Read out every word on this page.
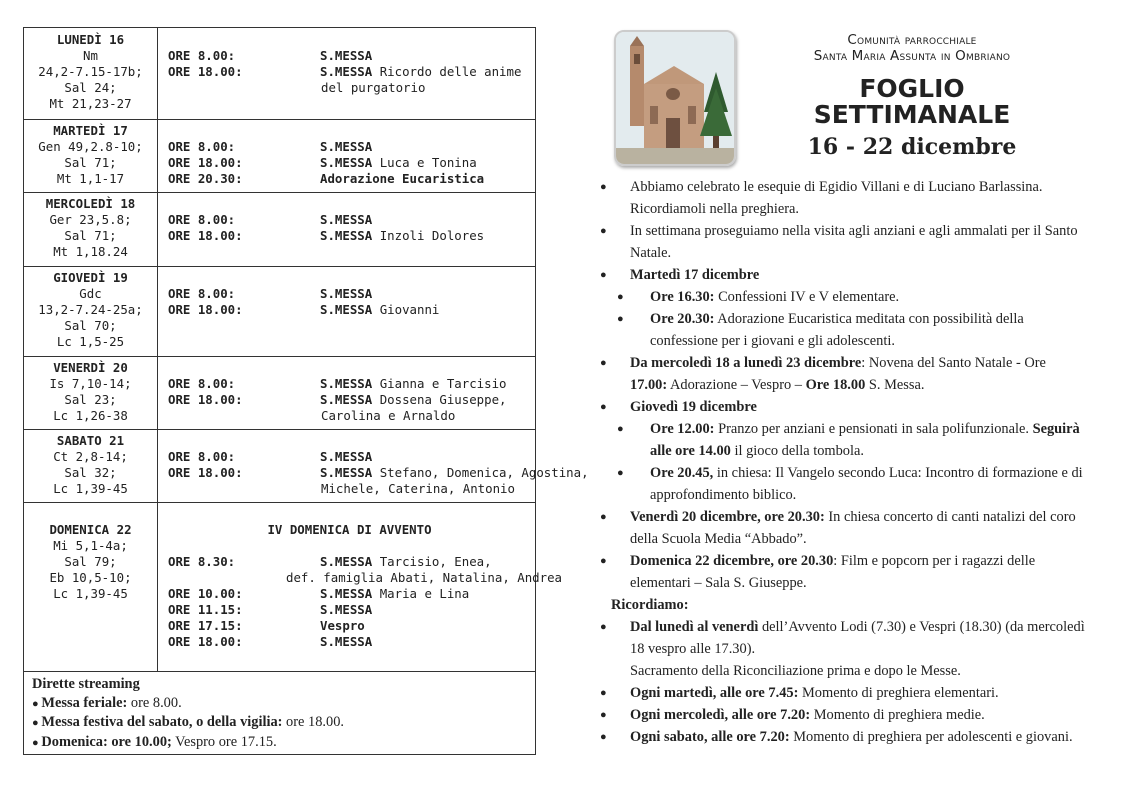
LUNEDÌ 16
Nm
24,2-7.15-17b;
Sal 24;
Mt 21,23-27
ORE 8.00:	S.MESSA
ORE 18.00:	S.MESSA Ricordo delle anime
del purgatorio
MARTEDÌ 17
Gen 49,2.8-10;
Sal 71;
Mt 1,1-17
ORE 8.00:	S.MESSA
ORE 18.00:	S.MESSA Luca e Tonina
ORE 20.30:	Adorazione Eucaristica
MERCOLEDÌ 18
Ger 23,5.8;
Sal 71;
Mt 1,18.24
ORE 8.00:	S.MESSA
ORE 18.00:	S.MESSA Inzoli Dolores
GIOVEDÌ 19
Gdc
13,2-7.24-25a;
Sal 70;
Lc 1,5-25
ORE 8.00:	S.MESSA
ORE 18.00:	S.MESSA Giovanni
VENERDÌ 20
Is 7,10-14;
Sal 23;
Lc 1,26-38
ORE 8.00:	S.MESSA Gianna e Tarcisio
ORE 18.00:	S.MESSA Dossena Giuseppe,
Carolina e Arnaldo
SABATO 21
Ct 2,8-14;
Sal 32;
Lc 1,39-45
ORE 8.00:	S.MESSA
ORE 18.00:	S.MESSA Stefano, Domenica, Agostina,
Michele, Caterina, Antonio
DOMENICA 22
Mi 5,1-4a;
Sal 79;
Eb 10,5-10;
Lc 1,39-45
IV DOMENICA DI AVVENTO
ORE 8.30:	S.MESSA Tarcisio, Enea,
def. famiglia Abati, Natalina, Andrea
ORE 10.00:	S.MESSA Maria e Lina
ORE 11.15:	S.MESSA
ORE 17.15:	Vespro
ORE 18.00:	S.MESSA
Dirette streaming
● Messa feriale: ore 8.00.
● Messa festiva del sabato, o della vigilia: ore 18.00.
● Domenica: ore 10.00; Vespro ore 17.15.
Comunità parrocchiale
Santa Maria Assunta in Ombriano
FOGLIO
SETTIMANALE
16 - 22 dicembre
● Abbiamo celebrato le esequie di Egidio Villani e di Luciano Barlassina. Ricordiamoli nella preghiera.
● In settimana proseguiamo nella visita agli anziani e agli ammalati per il Santo Natale.
● Martedì 17 dicembre
● Ore 16.30: Confessioni IV e V elementare.
● Ore 20.30: Adorazione Eucaristica meditata con possibilità della confessione per i giovani e gli adolescenti.
● Da mercoledì 18 a lunedì 23 dicembre: Novena del Santo Natale - Ore 17.00: Adorazione – Vespro – Ore 18.00 S. Messa.
● Giovedì 19 dicembre
● Ore 12.00: Pranzo per anziani e pensionati in sala polifunzionale. Seguirà alle ore 14.00 il gioco della tombola.
● Ore 20.45, in chiesa: Il Vangelo secondo Luca: Incontro di formazione e di approfondimento biblico.
● Venerdì 20 dicembre, ore 20.30: In chiesa concerto di canti natalizi del coro della Scuola Media “Abbado”.
● Domenica 22 dicembre, ore 20.30: Film e popcorn per i ragazzi delle elementari – Sala S. Giuseppe.
Ricordiamo:
● Dal lunedì al venerdì dell’Avvento Lodi (7.30) e Vespri (18.30) (da mercoledì 18 vespro alle 17.30).
Sacramento della Riconciliazione prima e dopo le Messe.
● Ogni martedì, alle ore 7.45: Momento di preghiera elementari.
● Ogni mercoledì, alle ore 7.20: Momento di preghiera medie.
● Ogni sabato, alle ore 7.20: Momento di preghiera per adolescenti e giovani.
